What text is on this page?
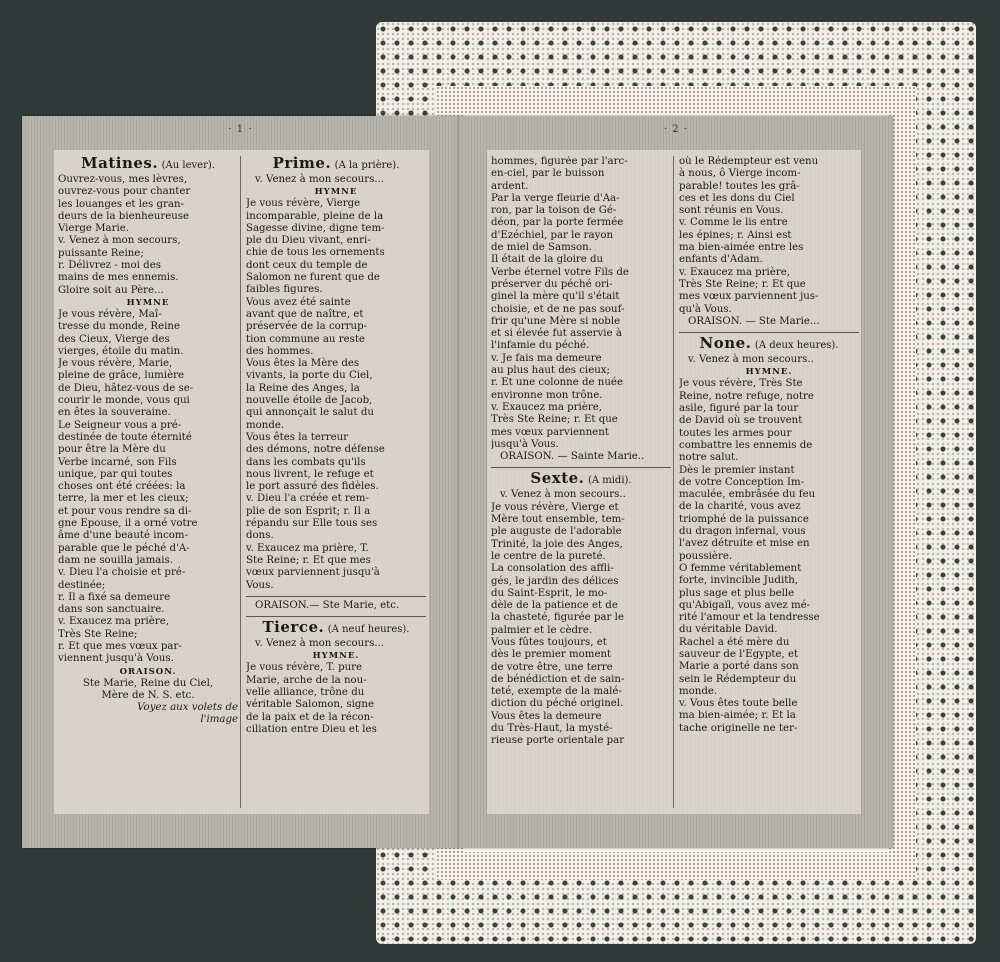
· 1 ·
Matines. (Au lever).
Ouvrez-vous, mes lèvres,
ouvrez-vous pour chanter
les louanges et les gran-
deurs de la bienheureuse
Vierge Marie.
v. Venez à mon secours,
puissante Reine;
r. Délivrez - moi des
mains de mes ennemis.
Gloire soit au Père...
HYMNE
Je vous révère, Maî-
tresse du monde, Reine
des Cieux, Vierge des
vierges, étoile du matin.
Je vous révère, Marie,
pleine de grâce, lumière
de Dieu, hâtez-vous de se-
courir le monde, vous qui
en êtes la souveraine.
Le Seigneur vous a pré-
destinée de toute éternité
pour être la Mère du
Verbe incarné, son Fils
unique, par qui toutes
choses ont été créées: la
terre, la mer et les cieux;
et pour vous rendre sa di-
gne Epouse, il a orné votre
âme d'une beauté incom-
parable que le péché d'A-
dam ne souilla jamais.
v. Dieu l'a choisie et pré-
destinée;
r. Il a fixé sa demeure
dans son sanctuaire.
v. Exaucez ma prière,
Très Ste Reine;
r. Et que mes vœux par-
viennent jusqu'à Vous.
ORAISON.
Ste Marie, Reine du Ciel,
Mère de N. S. etc.
Voyez aux volets de
l'image
Prime. (A la prière).
v. Venez à mon secours...
HYMNE
Je vous révère, Vierge
incomparable, pleine de la
Sagesse divine, digne tem-
ple du Dieu vivant, enri-
chie de tous les ornements
dont ceux du temple de
Salomon ne furent que de
faibles figures.
Vous avez été sainte
avant que de naître, et
préservée de la corrup-
tion commune au reste
des hommes.
Vous êtes la Mère des
vivants, la porte du Ciel,
la Reine des Anges, la
nouvelle étoile de Jacob,
qui annonçait le salut du
monde.
Vous êtes la terreur
des démons, notre défense
dans les combats qu'ils
nous livrent, le refuge et
le port assuré des fidèles.
v. Dieu l'a créée et rem-
plie de son Esprit; r. Il a
répandu sur Elle tous ses
dons.
v. Exaucez ma prière, T.
Ste Reine; r. Et que mes
vœux parviennent jusqu'à
Vous.
ORAISON.— Ste Marie, etc.
Tierce. (A neuf heures).
v. Venez à mon secours...
HYMNE.
Je vous révère, T. pure
Marie, arche de la nou-
velle alliance, trône du
véritable Salomon, signe
de la paix et de la récon-
ciliation entre Dieu et les
· 2 ·
hommes, figurée par l'arc-
en-ciel, par le buisson
ardent.
Par la verge fleurie d'Aa-
ron, par la toison de Gé-
déon, par la porte fermée
d'Ezéchiel, par le rayon
de miel de Samson.
Il était de la gloire du
Verbe éternel votre Fils de
préserver du péché ori-
ginel la mère qu'il s'était
choisie, et de ne pas souf-
frir qu'une Mère si noble
et si élevée fut asservie à
l'infamie du péché.
v. Je fais ma demeure
au plus haut des cieux;
r. Et une colonne de nuée
environne mon trône.
v. Exaucez ma prière,
Très Ste Reine; r. Et que
mes vœux parviennent
jusqu'à Vous.
ORAISON. — Sainte Marie..
Sexte. (A midi).
v. Venez à mon secours..
Je vous révère, Vierge et
Mère tout ensemble, tem-
ple auguste de l'adorable
Trinité, la joie des Anges,
le centre de la pureté.
La consolation des affli-
gés, le jardin des délices
du Saint-Esprit, le mo-
dèle de la patience et de
la chasteté, figurée par le
palmier et le cèdre.
Vous fûtes toujours, et
dès le premier moment
de votre être, une terre
de bénédiction et de sain-
teté, exempte de la malé-
diction du péché originel.
Vous êtes la demeure
du Très-Haut, la mysté-
rieuse porte orientale par
où le Rédempteur est venu
à nous, ô Vierge incom-
parable! toutes les grâ-
ces et les dons du Ciel
sont réunis en Vous.
v. Comme le lis entre
les épines; r. Ainsi est
ma bien-aimée entre les
enfants d'Adam.
v. Exaucez ma prière,
Très Ste Reine; r. Et que
mes vœux parviennent jus-
qu'à Vous.
ORAISON. — Ste Marie...
None. (A deux heures).
v. Venez à mon secours..
HYMNE.
Je vous révère, Très Ste
Reine, notre refuge, notre
asile, figuré par la tour
de David où se trouvent
toutes les armes pour
combattre les ennemis de
notre salut.
Dès le premier instant
de votre Conception Im-
maculée, embrâsée du feu
de la charité, vous avez
triomphé de la puissance
du dragon infernal, vous
l'avez détruite et mise en
poussière.
O femme véritablement
forte, invincible Judith,
plus sage et plus belle
qu'Abigaïl, vous avez mé-
rité l'amour et la tendresse
du véritable David.
Rachel a été mère du
sauveur de l'Egypte, et
Marie a porté dans son
sein le Rédempteur du
monde.
v. Vous êtes toute belle
ma bien-aimée; r. Et la
tache originelle ne ter-
